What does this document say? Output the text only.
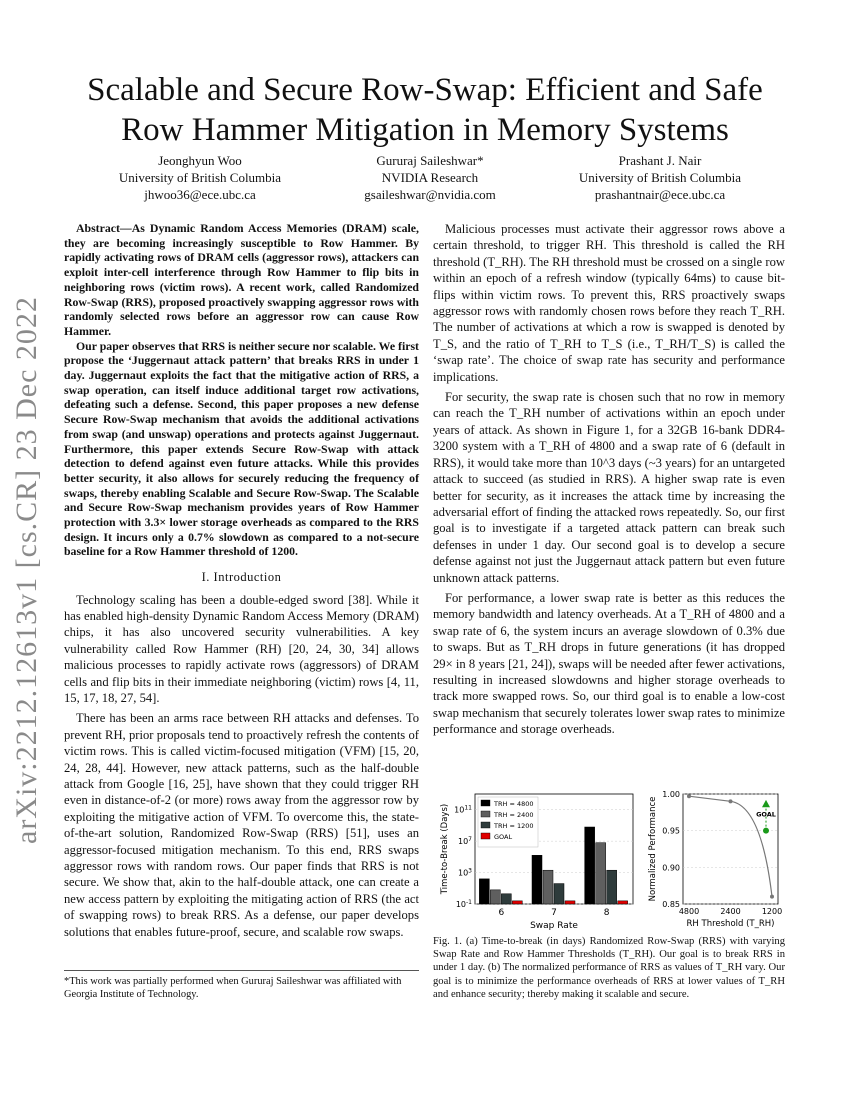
arXiv:2212.12613v1 [cs.CR] 23 Dec 2022
Scalable and Secure Row-Swap: Efficient and Safe
Row Hammer Mitigation in Memory Systems
Jeonghyun Woo
University of British Columbia
jhwoo36@ece.ubc.ca
Gururaj Saileshwar*
NVIDIA Research
gsaileshwar@nvidia.com
Prashant J. Nair
University of British Columbia
prashantnair@ece.ubc.ca

Abstract—As Dynamic Random Access Memories (DRAM) scale, they are becoming increasingly susceptible to Row Hammer. By rapidly activating rows of DRAM cells (aggressor rows), attackers can exploit inter-cell interference through Row Hammer to flip bits in neighboring rows (victim rows). A recent work, called Randomized Row-Swap (RRS), proposed proactively swapping aggressor rows with randomly selected rows before an aggressor row can cause Row Hammer.

Our paper observes that RRS is neither secure nor scalable. We first propose the ‘Juggernaut attack pattern’ that breaks RRS in under 1 day. Juggernaut exploits the fact that the mitigative action of RRS, a swap operation, can itself induce additional target row activations, defeating such a defense. Second, this paper proposes a new defense Secure Row-Swap mechanism that avoids the additional activations from swap (and unswap) operations and protects against Juggernaut. Furthermore, this paper extends Secure Row-Swap with attack detection to defend against even future attacks. While this provides better security, it also allows for securely reducing the frequency of swaps, thereby enabling Scalable and Secure Row-Swap. The Scalable and Secure Row-Swap mechanism provides years of Row Hammer protection with 3.3× lower storage overheads as compared to the RRS design. It incurs only a 0.7% slowdown as compared to a not-secure baseline for a Row Hammer threshold of 1200.

I. Introduction

Technology scaling has been a double-edged sword [38]. While it has enabled high-density Dynamic Random Access Memory (DRAM) chips, it has also uncovered security vulnerabilities. A key vulnerability called Row Hammer (RH) [20, 24, 30, 34] allows malicious processes to rapidly activate rows (aggressors) of DRAM cells and flip bits in their immediate neighboring (victim) rows [4, 11, 15, 17, 18, 27, 54].

There has been an arms race between RH attacks and defenses. To prevent RH, prior proposals tend to proactively refresh the contents of victim rows. This is called victim-focused mitigation (VFM) [15, 20, 24, 28, 44]. However, new attack patterns, such as the half-double attack from Google [16, 25], have shown that they could trigger RH even in distance-of-2 (or more) rows away from the aggressor row by exploiting the mitigative action of VFM. To overcome this, the state-of-the-art solution, Randomized Row-Swap (RRS) [51], uses an aggressor-focused mitigation mechanism. To this end, RRS swaps aggressor rows with random rows. Our paper finds that RRS is not secure. We show that, akin to the half-double attack, one can create a new access pattern by exploiting the mitigating action of RRS (the act of swapping rows) to break RRS. As a defense, our paper develops solutions that enables future-proof, secure, and scalable row swaps.

*This work was partially performed when Gururaj Saileshwar was affiliated with Georgia Institute of Technology.

Malicious processes must activate their aggressor rows above a certain threshold, to trigger RH. This threshold is called the RH threshold (T_RH). The RH threshold must be crossed on a single row within an epoch of a refresh window (typically 64ms) to cause bit-flips within victim rows. To prevent this, RRS proactively swaps aggressor rows with randomly chosen rows before they reach T_RH. The number of activations at which a row is swapped is denoted by T_S, and the ratio of T_RH to T_S (i.e., T_RH/T_S) is called the ‘swap rate’. The choice of swap rate has security and performance implications.

For security, the swap rate is chosen such that no row in memory can reach the T_RH number of activations within an epoch under years of attack. As shown in Figure 1, for a 32GB 16-bank DDR4-3200 system with a T_RH of 4800 and a swap rate of 6 (default in RRS), it would take more than 10^3 days (~3 years) for an untargeted attack to succeed (as studied in RRS). A higher swap rate is even better for security, as it increases the attack time by increasing the adversarial effort of finding the attacked rows repeatedly. So, our first goal is to investigate if a targeted attack pattern can break such defenses in under 1 day. Our second goal is to develop a secure defense against not just the Juggernaut attack pattern but even future unknown attack patterns.

For performance, a lower swap rate is better as this reduces the memory bandwidth and latency overheads. At a T_RH of 4800 and a swap rate of 6, the system incurs an average slowdown of 0.3% due to swaps. But as T_RH drops in future generations (it has dropped 29× in 8 years [21, 24]), swaps will be needed after fewer activations, resulting in increased slowdowns and higher storage overheads to track more swapped rows. So, our third goal is to enable a low-cost swap mechanism that securely tolerates lower swap rates to minimize performance and storage overheads.

$10^{-1}$
$10^3$
$10^7$
$10^{11}$
6	7	8
Swap Rate
Time-to-Break (Days)	TRH = 4800
TRH = 2400
TRH = 1200
GOAL
0.85
0.90
0.95
1.00
4800	2400	1200
GOAL
RH Threshold (T_RH)
Normalized Performance
Fig. 1. (a) Time-to-break (in days) Randomized Row-Swap (RRS) with varying Swap Rate and Row Hammer Thresholds (T_RH). Our goal is to break RRS in under 1 day. (b) The normalized performance of RRS as values of T_RH vary. Our goal is to minimize the performance overheads of RRS at lower values of T_RH and enhance security; thereby making it scalable and secure.
